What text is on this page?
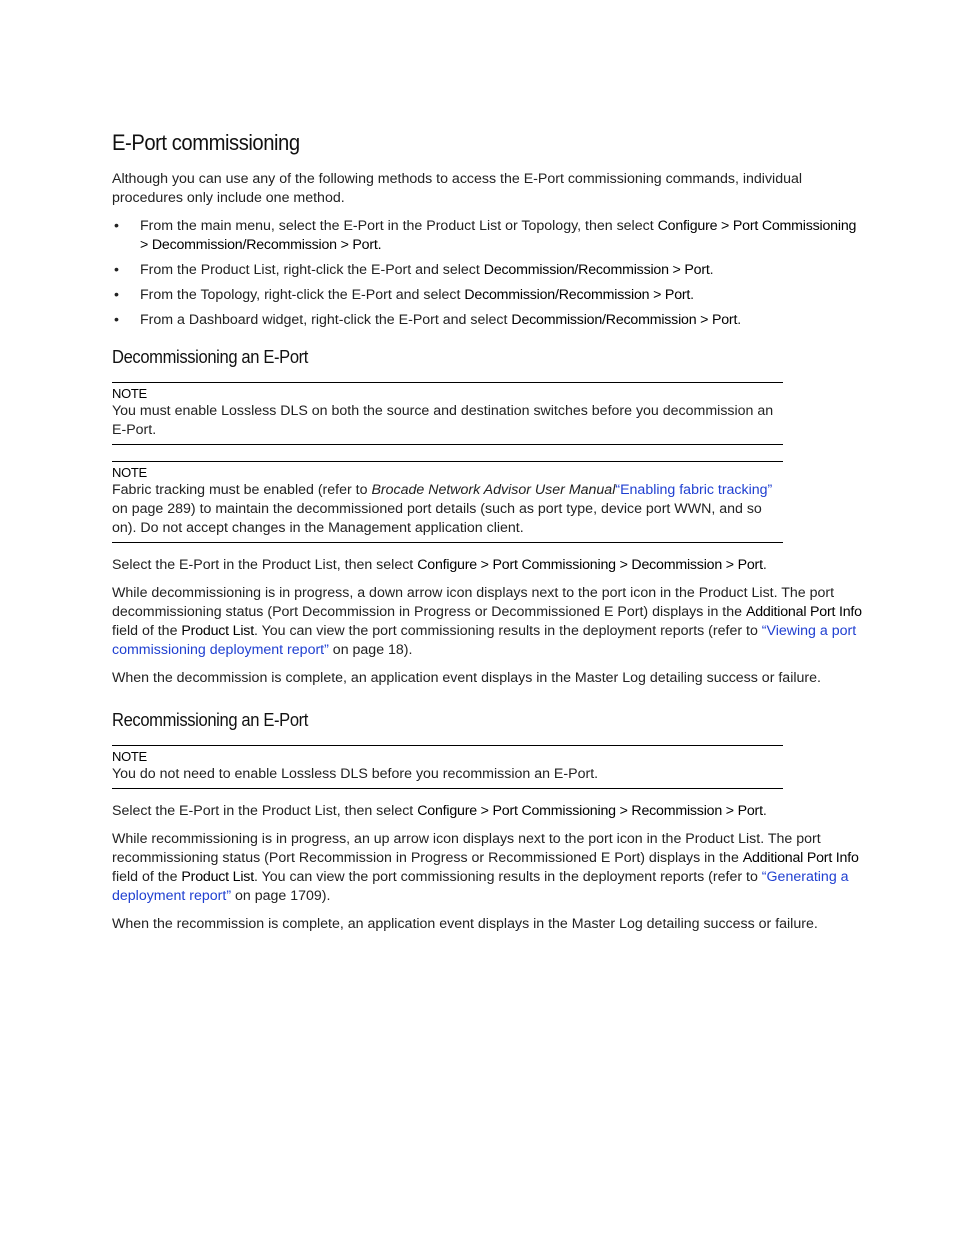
E-Port commissioning

Although you can use any of the following methods to access the E-Port commissioning commands, individual procedures only include one method.

• From the main menu, select the E-Port in the Product List or Topology, then select Configure > Port Commissioning > Decommission/Recommission > Port.
• From the Product List, right-click the E-Port and select Decommission/Recommission > Port.
• From the Topology, right-click the E-Port and select Decommission/Recommission > Port.
• From a Dashboard widget, right-click the E-Port and select Decommission/Recommission > Port.
Decommissioning an E-Port
NOTE

You must enable Lossless DLS on both the source and destination switches before you decommission an E-Port.

NOTE

Fabric tracking must be enabled (refer to Brocade Network Advisor User Manual“Enabling fabric tracking” on page 289) to maintain the decommissioned port details (such as port type, device port WWN, and so on). Do not accept changes in the Management application client.

Select the E-Port in the Product List, then select Configure > Port Commissioning > Decommission > Port.

While decommissioning is in progress, a down arrow icon displays next to the port icon in the Product List. The port decommissioning status (Port Decommission in Progress or Decommissioned E Port) displays in the Additional Port Info field of the Product List. You can view the port commissioning results in the deployment reports (refer to “Viewing a port commissioning deployment report” on page 18).

When the decommission is complete, an application event displays in the Master Log detailing success or failure.

Recommissioning an E-Port
NOTE

You do not need to enable Lossless DLS before you recommission an E-Port.

Select the E-Port in the Product List, then select Configure > Port Commissioning > Recommission > Port.

While recommissioning is in progress, an up arrow icon displays next to the port icon in the Product List. The port recommissioning status (Port Recommission in Progress or Recommissioned E Port) displays in the Additional Port Info field of the Product List. You can view the port commissioning results in the deployment reports (refer to “Generating a deployment report” on page 1709).

When the recommission is complete, an application event displays in the Master Log detailing success or failure.
